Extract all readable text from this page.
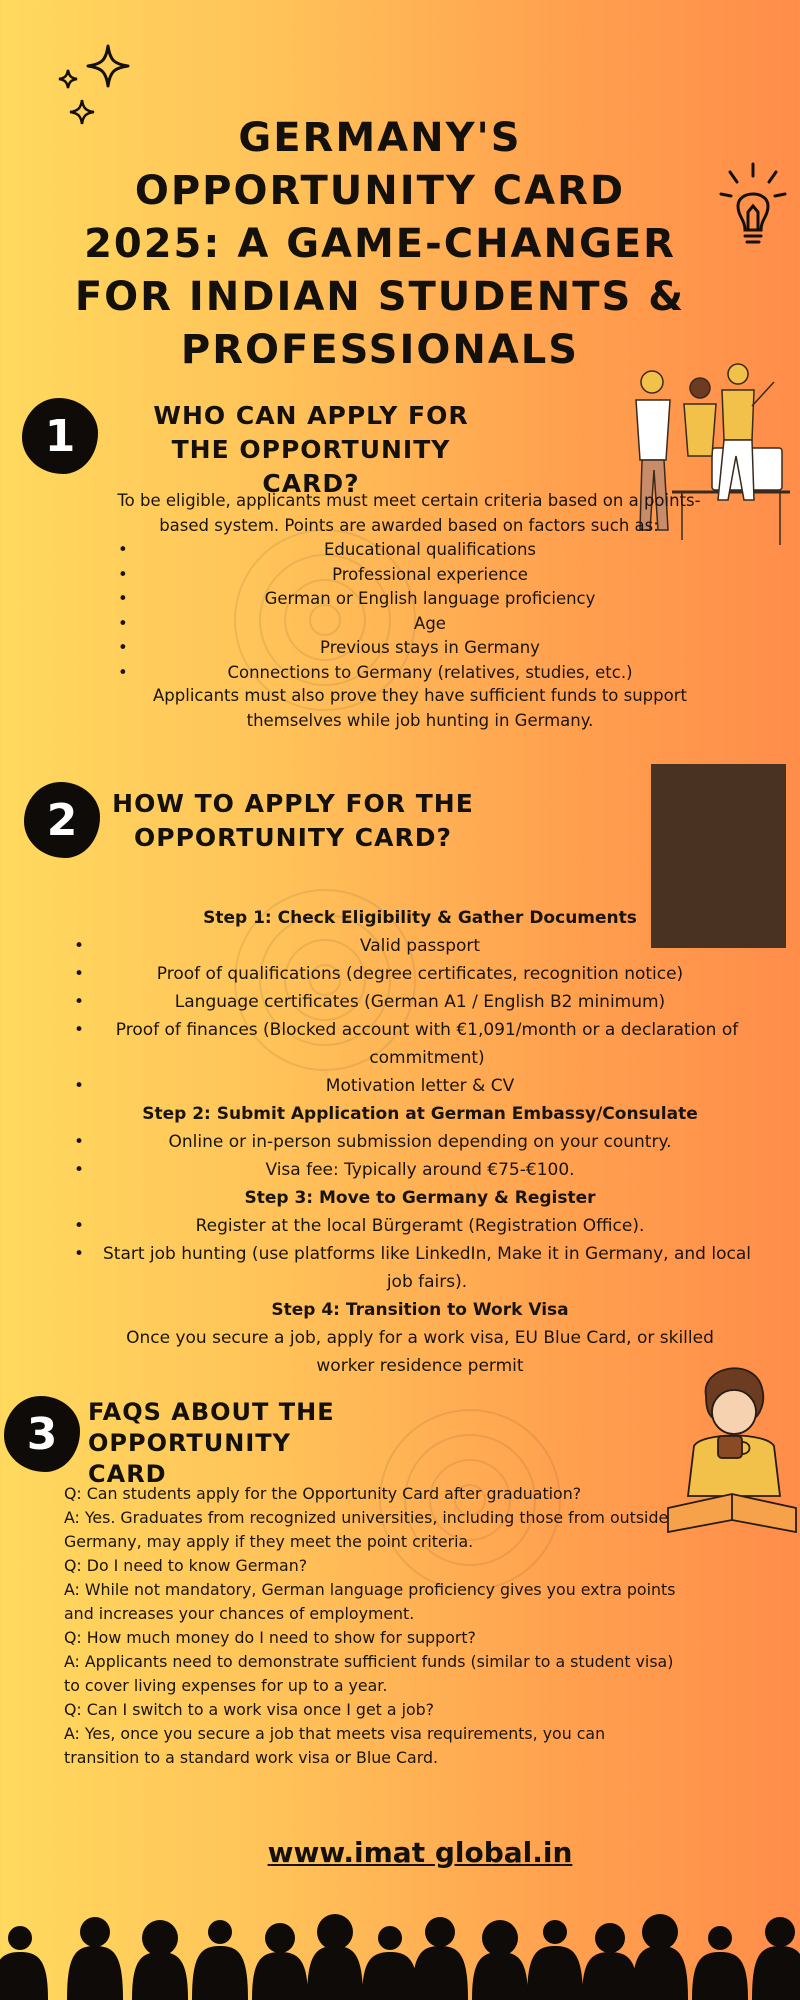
GERMANY'S OPPORTUNITY CARD 2025: A GAME-CHANGER FOR INDIAN STUDENTS & PROFESSIONALS
1	WHO CAN APPLY FOR THE OPPORTUNITY CARD?
To be eligible, applicants must meet certain criteria based on a points-based system. Points are awarded based on factors such as:
•	Educational qualifications
•	Professional experience
•	German or English language proficiency
•	Age
•	Previous stays in Germany
•	Connections to Germany (relatives, studies, etc.)
Applicants must also prove they have sufficient funds to support themselves while job hunting in Germany.
2	HOW TO APPLY FOR THE OPPORTUNITY CARD?
Step 1: Check Eligibility & Gather Documents
•	Valid passport
•	Proof of qualifications (degree certificates, recognition notice)
•	Language certificates (German A1 / English B2 minimum)
• Proof of finances (Blocked account with €1,091/month or a declaration of commitment)
•	Motivation letter & CV
Step 2: Submit Application at German Embassy/Consulate
•	Online or in-person submission depending on your country.
•	Visa fee: Typically around €75-€100.
Step 3: Move to Germany & Register
•	Register at the local Bürgeramt (Registration Office).
• Start job hunting (use platforms like LinkedIn, Make it in Germany, and local job fairs).
Step 4: Transition to Work Visa
Once you secure a job, apply for a work visa, EU Blue Card, or skilled worker residence permit
3	FAQS ABOUT THE OPPORTUNITY CARD

Q: Can students apply for the Opportunity Card after graduation?

A: Yes. Graduates from recognized universities, including those from outside Germany, may apply if they meet the point criteria.

Q: Do I need to know German?

A: While not mandatory, German language proficiency gives you extra points and increases your chances of employment.

Q: How much money do I need to show for support?

A: Applicants need to demonstrate sufficient funds (similar to a student visa) to cover living expenses for up to a year.

Q: Can I switch to a work visa once I get a job?

A: Yes, once you secure a job that meets visa requirements, you can transition to a standard work visa or Blue Card.

www.imat global.in
